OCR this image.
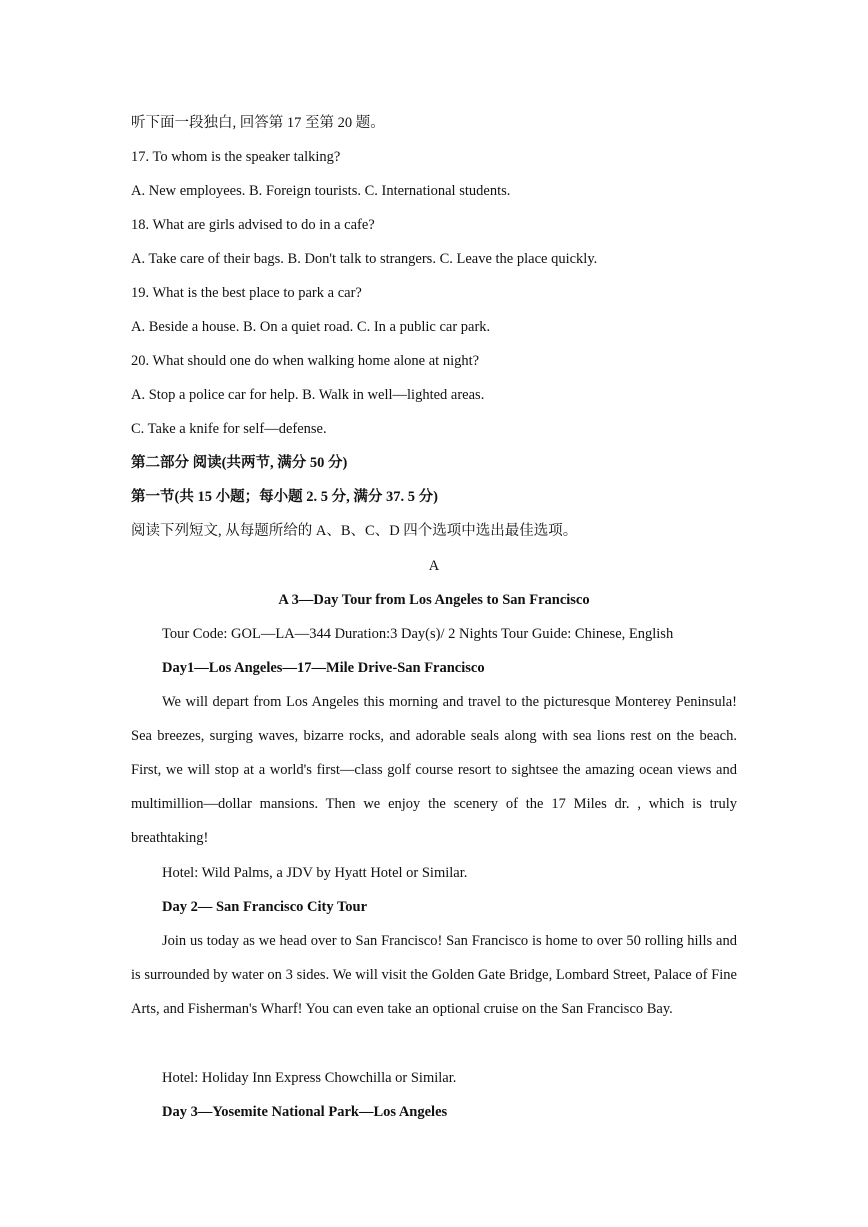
听下面一段独白, 回答第 17 至第 20 题。
17. To whom is the speaker talking?
A. New employees. B. Foreign tourists. C. International students.
18. What are girls advised to do in a cafe?
A. Take care of their bags. B. Don't talk to strangers. C. Leave the place quickly.
19. What is the best place to park a car?
A. Beside a house. B. On a quiet road. C. In a public car park.
20. What should one do when walking home alone at night?
A. Stop a police car for help. B. Walk in well—lighted areas.
C. Take a knife for self—defense.
第二部分 阅读(共两节, 满分 50 分)
第一节(共 15 小题；每小题 2. 5 分, 满分 37. 5 分)
阅读下列短文, 从每题所给的 A、B、C、D 四个选项中选出最佳选项。
A
A 3—Day Tour from Los Angeles to San Francisco
Tour Code: GOL—LA—344 Duration:3 Day(s)/ 2 Nights Tour Guide: Chinese, English
Day1—Los Angeles—17—Mile Drive-San Francisco
We will depart from Los Angeles this morning and travel to the picturesque Monterey Peninsula! Sea breezes, surging waves, bizarre rocks, and adorable seals along with sea lions rest on the beach. First, we will stop at a world's first—class golf course resort to sightsee the amazing ocean views and multimillion—dollar mansions. Then we enjoy the scenery of the 17 Miles dr. , which is truly breathtaking!
Hotel: Wild Palms, a JDV by Hyatt Hotel or Similar.
Day 2— San Francisco City Tour
Join us today as we head over to San Francisco! San Francisco is home to over 50 rolling hills and is surrounded by water on 3 sides. We will visit the Golden Gate Bridge, Lombard Street, Palace of Fine Arts, and Fisherman's Wharf! You can even take an optional cruise on the San Francisco Bay.
Hotel: Holiday Inn Express Chowchilla or Similar.
Day 3—Yosemite National Park—Los Angeles
